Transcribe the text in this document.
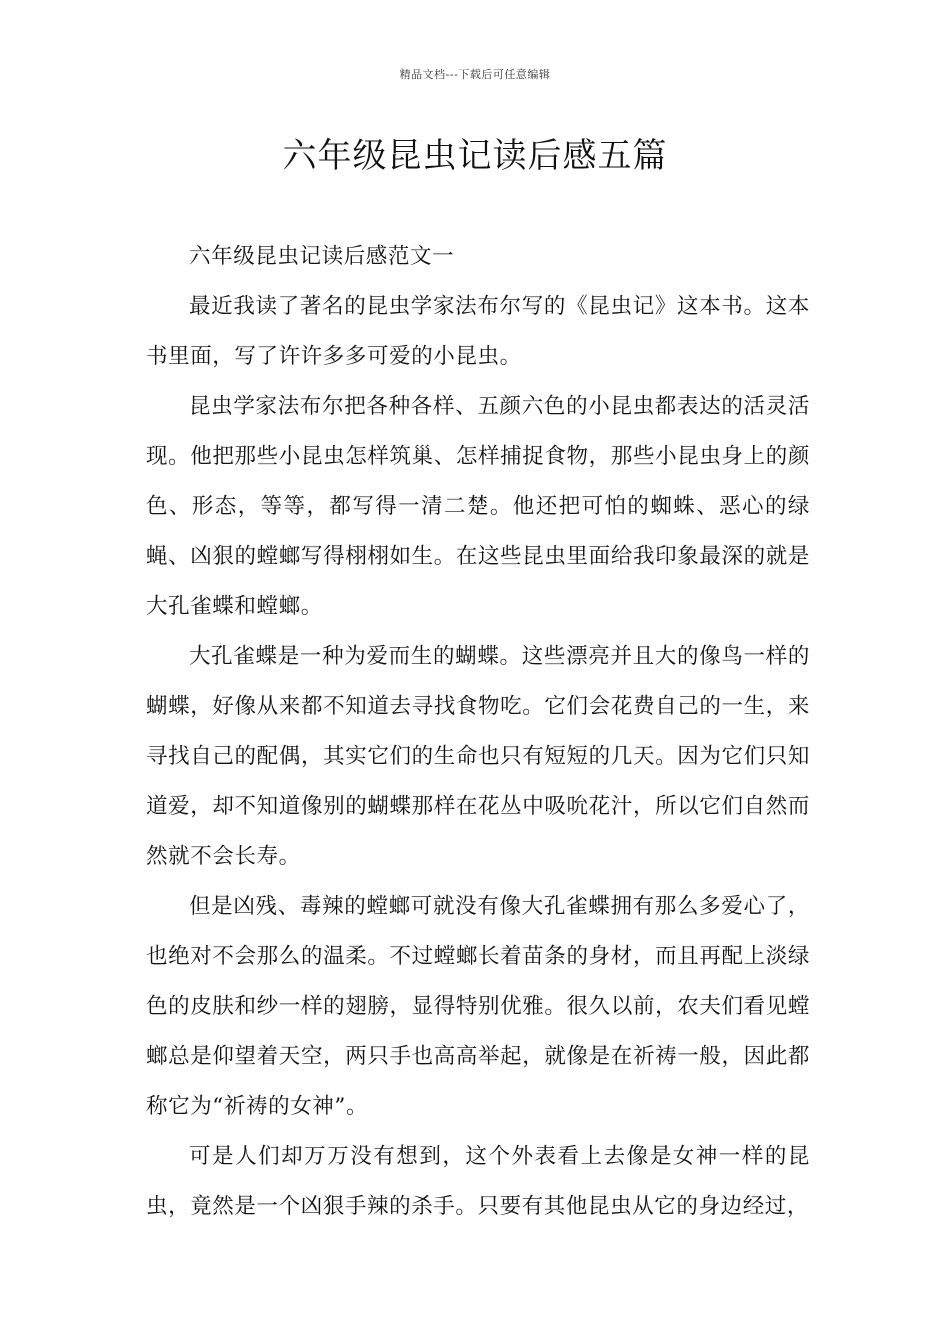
精品文档---下载后可任意编辑
六年级昆虫记读后感五篇

六年级昆虫记读后感范文一

最近我读了著名的昆虫学家法布尔写的《昆虫记》这本书。这本书里面，写了许许多多可爱的小昆虫。

昆虫学家法布尔把各种各样、五颜六色的小昆虫都表达的活灵活现。他把那些小昆虫怎样筑巢、怎样捕捉食物，那些小昆虫身上的颜色、形态，等等，都写得一清二楚。他还把可怕的蜘蛛、恶心的绿蝇、凶狠的螳螂写得栩栩如生。在这些昆虫里面给我印象最深的就是大孔雀蝶和螳螂。

大孔雀蝶是一种为爱而生的蝴蝶。这些漂亮并且大的像鸟一样的蝴蝶，好像从来都不知道去寻找食物吃。它们会花费自己的一生，来寻找自己的配偶，其实它们的生命也只有短短的几天。因为它们只知道爱，却不知道像别的蝴蝶那样在花丛中吸吮花汁，所以它们自然而然就不会长寿。

但是凶残、毒辣的螳螂可就没有像大孔雀蝶拥有那么多爱心了，也绝对不会那么的温柔。不过螳螂长着苗条的身材，而且再配上淡绿色的皮肤和纱一样的翅膀，显得特别优雅。很久以前，农夫们看见螳螂总是仰望着天空，两只手也高高举起，就像是在祈祷一般，因此都称它为“祈祷的女神”。

可是人们却万万没有想到，这个外表看上去像是女神一样的昆虫，竟然是一个凶狠手辣的杀手。只要有其他昆虫从它的身边经过，
